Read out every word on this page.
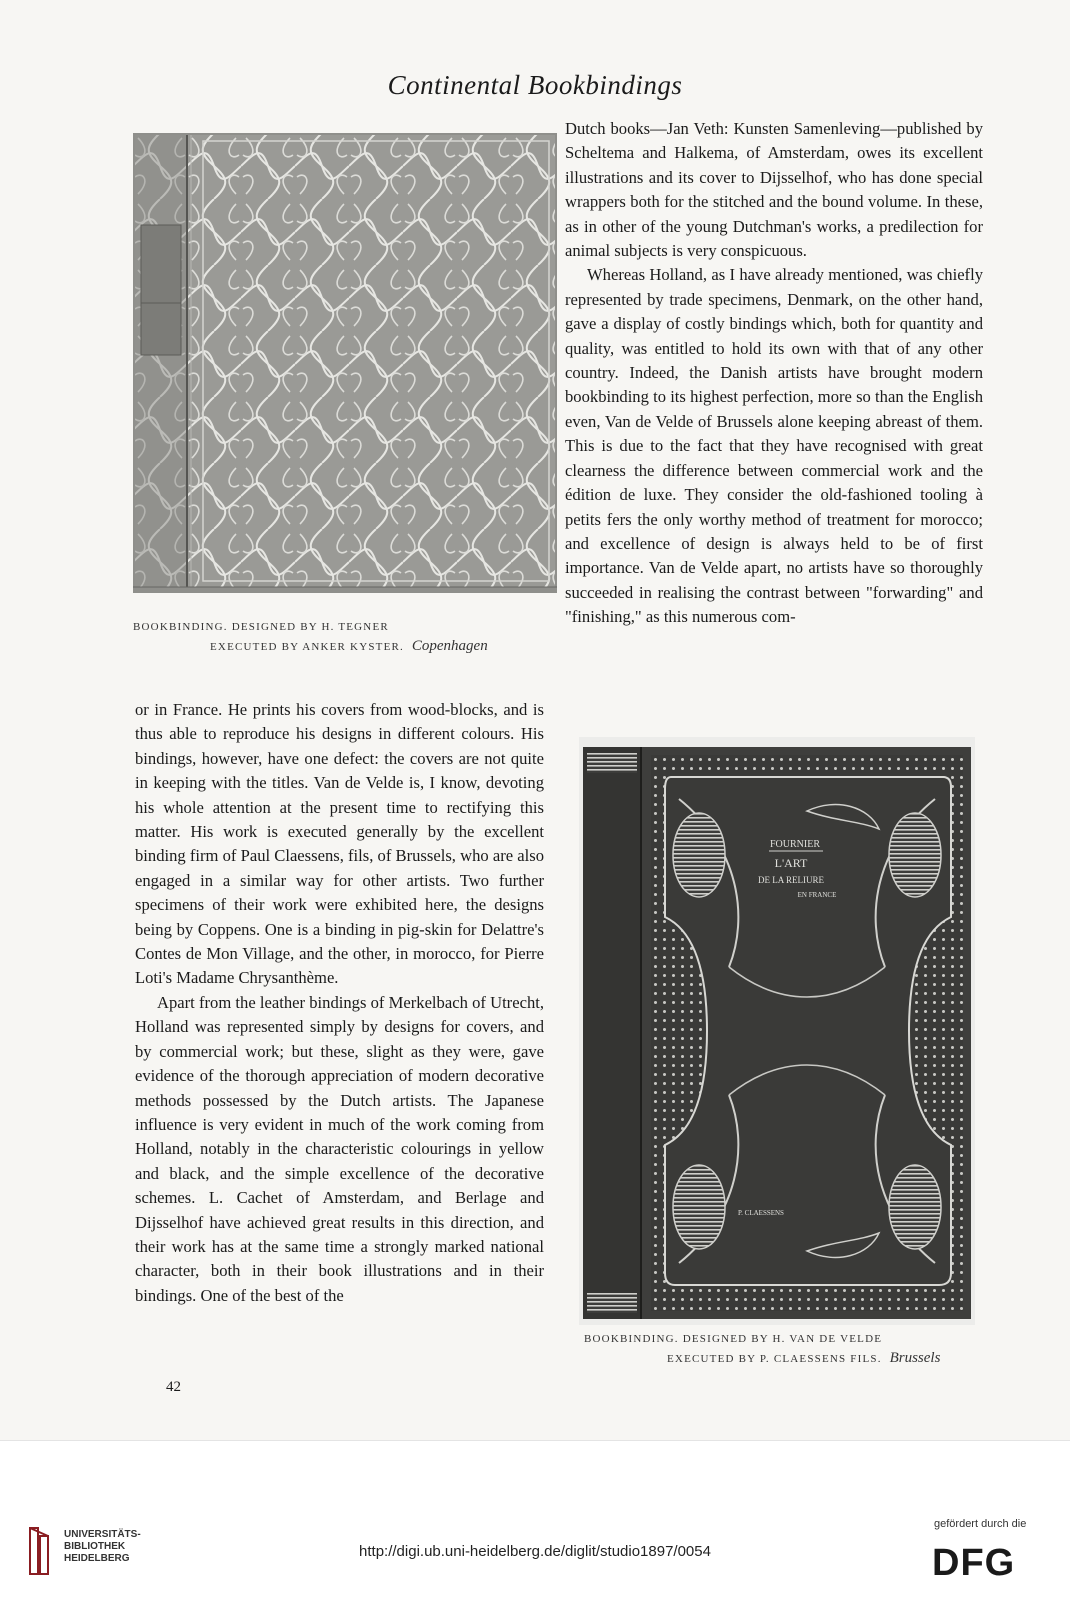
Continental Bookbindings
BOOKBINDING. DESIGNED BY H. TEGNER
EXECUTED BY ANKER KYSTER. Copenhagen

Dutch books—Jan Veth: Kunsten Samenleving—published by Scheltema and Halkema, of Amsterdam, owes its excellent illustrations and its cover to Dijsselhof, who has done special wrappers both for the stitched and the bound volume. In these, as in other of the young Dutchman's works, a predilection for animal subjects is very conspicuous.

Whereas Holland, as I have already mentioned, was chiefly represented by trade specimens, Denmark, on the other hand, gave a display of costly bindings which, both for quantity and quality, was entitled to hold its own with that of any other country. Indeed, the Danish artists have brought modern bookbinding to its highest perfection, more so than the English even, Van de Velde of Brussels alone keeping abreast of them. This is due to the fact that they have recognised with great clearness the difference between commercial work and the édition de luxe. They consider the old-fashioned tooling à petits fers the only worthy method of treatment for morocco; and excellence of design is always held to be of first importance. Van de Velde apart, no artists have so thoroughly succeeded in realising the contrast between "forwarding" and "finishing," as this numerous com-

or in France. He prints his covers from wood-blocks, and is thus able to reproduce his designs in different colours. His bindings, however, have one defect: the covers are not quite in keeping with the titles. Van de Velde is, I know, devoting his whole attention at the present time to rectifying this matter. His work is executed generally by the excellent binding firm of Paul Claessens, fils, of Brussels, who are also engaged in a similar way for other artists. Two further specimens of their work were exhibited here, the designs being by Coppens. One is a binding in pig-skin for Delattre's Contes de Mon Village, and the other, in morocco, for Pierre Loti's Madame Chrysanthème.

Apart from the leather bindings of Merkelbach of Utrecht, Holland was represented simply by designs for covers, and by commercial work; but these, slight as they were, gave evidence of the thorough appreciation of modern decorative methods possessed by the Dutch artists. The Japanese influence is very evident in much of the work coming from Holland, notably in the characteristic colourings in yellow and black, and the simple excellence of the decorative schemes. L. Cachet of Amsterdam, and Berlage and Dijsselhof have achieved great results in this direction, and their work has at the same time a strongly marked national character, both in their book illustrations and in their bindings. One of the best of the

FOURNIER
L'ART
DE LA RELIURE
EN FRANCE
P. CLAESSENS
BOOKBINDING. DESIGNED BY H. VAN DE VELDE
EXECUTED BY P. CLAESSENS FILS. Brussels
42
UNIVERSITÄTS-
BIBLIOTHEK
HEIDELBERG	http://digi.ub.uni-heidelberg.de/diglit/studio1897/0054
gefördert durch die
DFG
